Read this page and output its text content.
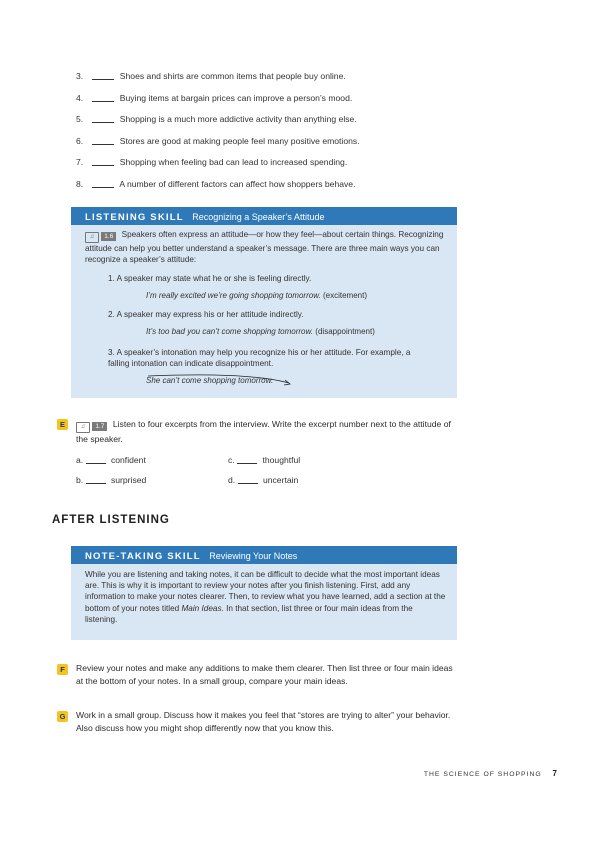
3.	Shoes and shirts are common items that people buy online.
4.	Buying items at bargain prices can improve a person’s mood.
5.	Shopping is a much more addictive activity than anything else.
6.	Stores are good at making people feel many positive emotions.
7.	Shopping when feeling bad can lead to increased spending.
8.	A number of different factors can affect how shoppers behave.
LISTENING SKILL Recognizing a Speaker’s Attitude
♫ 1.6 Speakers often express an attitude—or how they feel—about certain things. Recognizing attitude can help you better understand a speaker’s message. There are three main ways you can recognize a speaker’s attitude:
1. A speaker may state what he or she is feeling directly.
I’m really excited we’re going shopping tomorrow. (excitement)
2. A speaker may express his or her attitude indirectly.
It’s too bad you can’t come shopping tomorrow. (disappointment)
3. A speaker’s intonation may help you recognize his or her attitude. For example, a falling intonation can indicate disappointment.
She can’t come shopping tomorrow.
E	♫ 1.7 Listen to four excerpts from the interview. Write the excerpt number next to the attitude of the speaker.
a.	confident	c.	thoughtful
b.	surprised	d.	uncertain
AFTER LISTENING
NOTE-TAKING SKILL Reviewing Your Notes
While you are listening and taking notes, it can be difficult to decide what the most important ideas are. This is why it is important to review your notes after you finish listening. First, add any information to make your notes clearer. Then, to review what you have learned, add a section at the bottom of your notes titled Main Ideas. In that section, list three or four main ideas from the listening.
F	Review your notes and make any additions to make them clearer. Then list three or four main ideas at the bottom of your notes. In a small group, compare your main ideas.
G Work in a small group. Discuss how it makes you feel that “stores are trying to alter” your behavior. Also discuss how you might shop differently now that you know this.
THE SCIENCE OF SHOPPING 7
